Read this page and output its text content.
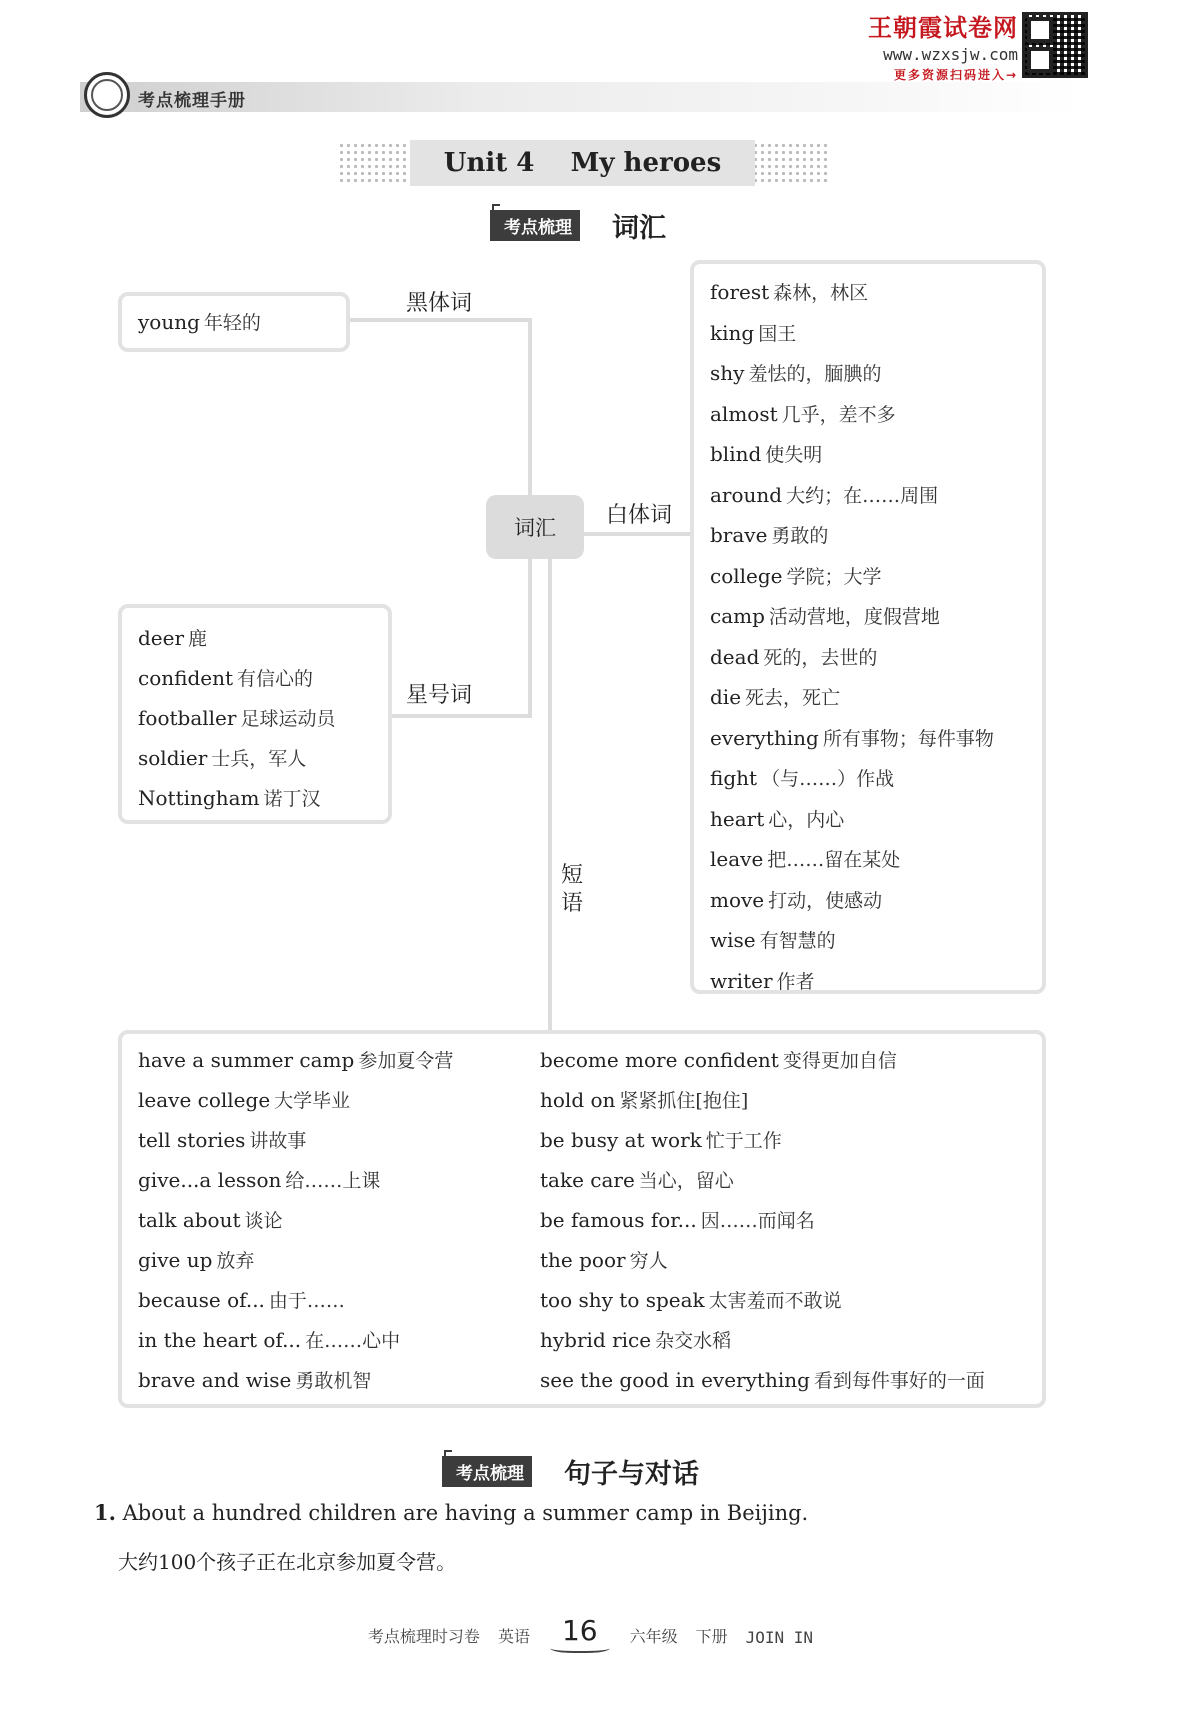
王朝霞试卷网
www.wzxsjw.com
更多资源扫码进入→
考点梳理手册
Unit 4
My heroes
考点梳理 词汇
词汇
黑体词
白体词
星号词
短语
young 年轻的
deer 鹿
confident 有信心的
footballer 足球运动员
soldier 士兵，军人
Nottingham 诺丁汉
forest 森林，林区
king 国王
shy 羞怯的，腼腆的
almost 几乎，差不多
blind 使失明
around 大约；在……周围
brave 勇敢的
college 学院；大学
camp 活动营地，度假营地
dead 死的，去世的
die 死去，死亡
everything 所有事物；每件事物
fight （与……）作战
heart 心，内心
leave 把……留在某处
move 打动，使感动
wise 有智慧的
writer 作者
have a summer camp 参加夏令营
leave college 大学毕业
tell stories 讲故事
give...a lesson 给……上课
talk about 谈论
give up 放弃
because of... 由于……
in the heart of... 在……心中
brave and wise 勇敢机智
become more confident 变得更加自信
hold on 紧紧抓住[抱住]
be busy at work 忙于工作
take care 当心，留心
be famous for... 因……而闻名
the poor 穷人
too shy to speak 太害羞而不敢说
hybrid rice 杂交水稻
see the good in everything 看到每件事好的一面
考点梳理 句子与对话
1. About a hundred children are having a summer camp in Beijing.
大约100个孩子正在北京参加夏令营。
考点梳理时习卷 英语	16	六年级 下册 JOIN IN
